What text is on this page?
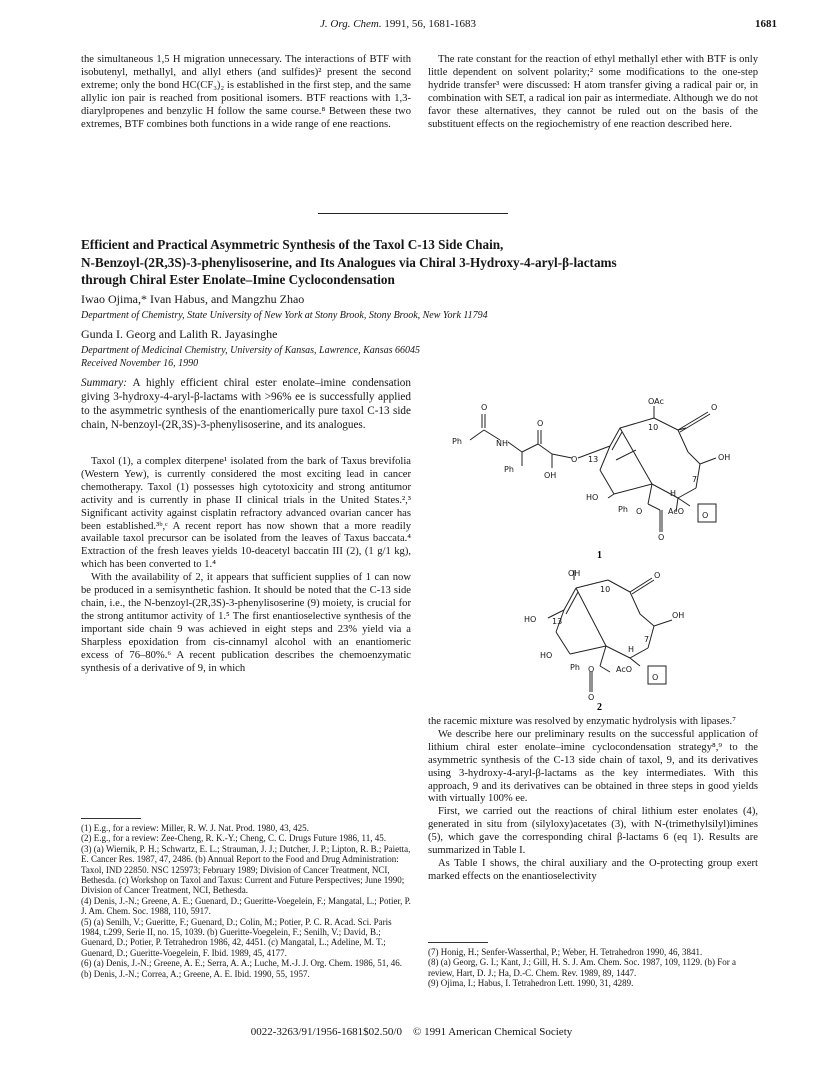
J. Org. Chem. 1991, 56, 1681-1683	1681

the simultaneous 1,5 H migration unnecessary. The interactions of BTF with isobutenyl, methallyl, and allyl ethers (and sulfides)² present the second extreme; only the bond HC(CF₃)₂ is established in the first step, and the same allylic ion pair is reached from positional isomers. BTF reactions with 1,3-diarylpropenes and benzylic H follow the same course.⁸ Between these two extremes, BTF combines both functions in a wide range of ene reactions.

The rate constant for the reaction of ethyl methallyl ether with BTF is only little dependent on solvent polarity;² some modifications to the one-step hydride transfer³ were discussed: H atom transfer giving a radical pair or, in combination with SET, a radical ion pair as intermediate. Although we do not favor these alternatives, they cannot be ruled out on the basis of the substituent effects on the regiochemistry of ene reaction described here.

Efficient and Practical Asymmetric Synthesis of the Taxol C-13 Side Chain,
N-Benzoyl-(2R,3S)-3-phenylisoserine, and Its Analogues via Chiral 3-Hydroxy-4-aryl-β-lactams
through Chiral Ester Enolate–Imine Cyclocondensation
Iwao Ojima,* Ivan Habus, and Mangzhu Zhao
Department of Chemistry, State University of New York at Stony Brook, Stony Brook, New York 11794
Gunda I. Georg and Lalith R. Jayasinghe
Department of Medicinal Chemistry, University of Kansas, Lawrence, Kansas 66045
Received November 16, 1990
Summary: A highly efficient chiral ester enolate–imine condensation giving 3-hydroxy-4-aryl-β-lactams with >96% ee is successfully applied to the asymmetric synthesis of the enantiomerically pure taxol C-13 side chain, N-benzoyl-(2R,3S)-3-phenylisoserine, and its analogues.

Taxol (1), a complex diterpene¹ isolated from the bark of Taxus brevifolia (Western Yew), is currently considered the most exciting lead in cancer chemotherapy. Taxol (1) possesses high cytotoxicity and strong antitumor activity and is currently in phase II clinical trials in the United States.²,³ Significant activity against cisplatin refractory advanced ovarian cancer has been established.³ᵇ,ᶜ A recent report has now shown that a more readily available taxol precursor can be isolated from the leaves of Taxus baccata.⁴ Extraction of the fresh leaves yields 10-deacetyl baccatin III (2), (1 g/1 kg), which has been converted to 1.⁴

With the availability of 2, it appears that sufficient supplies of 1 can now be produced in a semisynthetic fashion. It should be noted that the C-13 side chain, i.e., the N-benzoyl-(2R,3S)-3-phenylisoserine (9) moiety, is crucial for the strong antitumor activity of 1.⁵ The first enantioselective synthesis of the important side chain 9 was achieved in eight steps and 23% yield via a Sharpless epoxidation from cis-cinnamyl alcohol with an enantiomeric excess of 76–80%.⁶ A recent publication describes the chemoenzymatic synthesis of a derivative of 9, in which

(1) E.g., for a review: Miller, R. W. J. Nat. Prod. 1980, 43, 425.

(2) E.g., for a review: Zee-Cheng, R. K.-Y.; Cheng, C. C. Drugs Future 1986, 11, 45.

(3) (a) Wiernik, P. H.; Schwartz, E. L.; Strauman, J. J.; Dutcher, J. P.; Lipton, R. B.; Paietta, E. Cancer Res. 1987, 47, 2486. (b) Annual Report to the Food and Drug Administration: Taxol, IND 22850. NSC 125973; February 1989; Division of Cancer Treatment, NCI, Bethesda. (c) Workshop on Taxol and Taxus: Current and Future Perspectives; June 1990; Division of Cancer Treatment, NCI, Bethesda.

(4) Denis, J.-N.; Greene, A. E.; Guenard, D.; Gueritte-Voegelein, F.; Mangatal, L.; Potier, P. J. Am. Chem. Soc. 1988, 110, 5917.

(5) (a) Senilh, V.; Gueritte, F.; Guenard, D.; Colin, M.; Potier, P. C. R. Acad. Sci. Paris 1984, t.299, Serie II, no. 15, 1039. (b) Gueritte-Voegelein, F.; Senilh, V.; David, B.; Guenard, D.; Potier, P. Tetrahedron 1986, 42, 4451. (c) Mangatal, L.; Adeline, M. T.; Guenard, D.; Gueritte-Voegelein, F. Ibid. 1989, 45, 4177.

(6) (a) Denis, J.-N.; Greene, A. E.; Serra, A. A.; Luche, M.-J. J. Org. Chem. 1986, 51, 46. (b) Denis, J.-N.; Correa, A.; Greene, A. E. Ibid. 1990, 55, 1957.

O
Ph	NH
O
Ph
OH
O 13
OAc
10
O
OH
7
HO	H
Ph O	AcO O
O
1
OH
10
O
OH
HO 13
7
HO
H
Ph O	AcO
O
O
2

the racemic mixture was resolved by enzymatic hydrolysis with lipases.⁷

We describe here our preliminary results on the successful application of lithium chiral ester enolate–imine cyclocondensation strategy⁸,⁹ to the asymmetric synthesis of the C-13 side chain of taxol, 9, and its derivatives using 3-hydroxy-4-aryl-β-lactams as the key intermediates. With this approach, 9 and its derivatives can be obtained in three steps in good yields with virtually 100% ee.

First, we carried out the reactions of chiral lithium ester enolates (4), generated in situ from (silyloxy)acetates (3), with N-(trimethylsilyl)imines (5), which gave the corresponding chiral β-lactams 6 (eq 1). Results are summarized in Table I.

As Table I shows, the chiral auxiliary and the O-protecting group exert marked effects on the enantioselectivity

(7) Honig, H.; Senfer-Wasserthal, P.; Weber, H. Tetrahedron 1990, 46, 3841.

(8) (a) Georg, G. I.; Kant, J.; Gill, H. S. J. Am. Chem. Soc. 1987, 109, 1129. (b) For a review, Hart, D. J.; Ha, D.-C. Chem. Rev. 1989, 89, 1447.

(9) Ojima, I.; Habus, I. Tetrahedron Lett. 1990, 31, 4289.

0022-3263/91/1956-1681$02.50/0 © 1991 American Chemical Society
